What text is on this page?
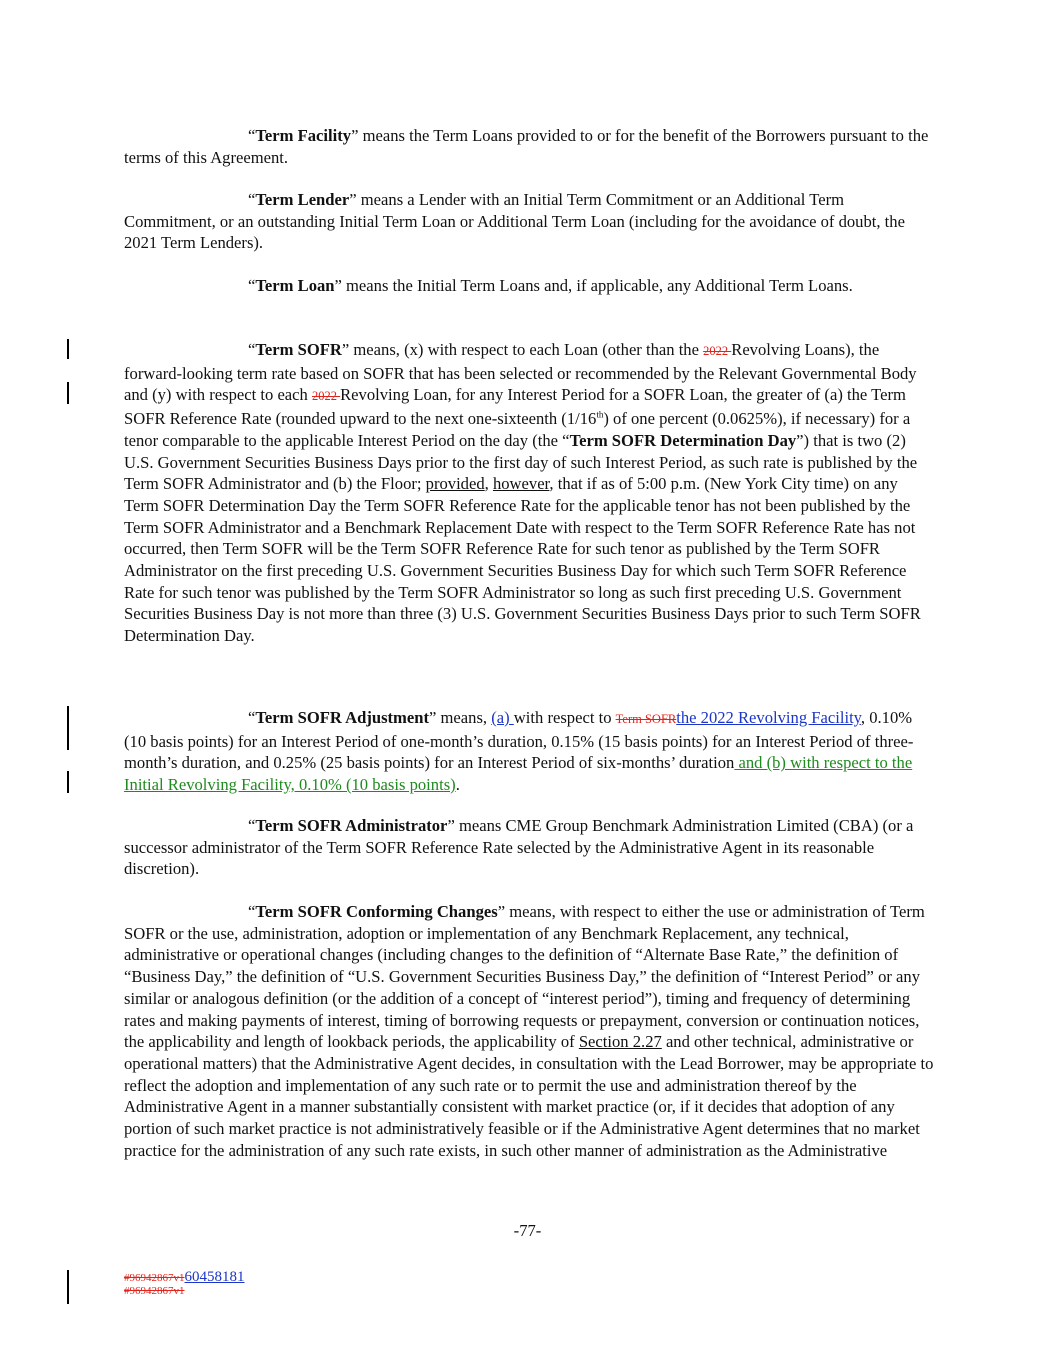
“Term Facility” means the Term Loans provided to or for the benefit of the Borrowers pursuant to the terms of this Agreement.

“Term Lender” means a Lender with an Initial Term Commitment or an Additional Term Commitment, or an outstanding Initial Term Loan or Additional Term Loan (including for the avoidance of doubt, the 2021 Term Lenders).

“Term Loan” means the Initial Term Loans and, if applicable, any Additional Term Loans.

“Term SOFR” means, (x) with respect to each Loan (other than the 2022 Revolving Loans), the forward-looking term rate based on SOFR that has been selected or recommended by the Relevant Governmental Body and (y) with respect to each 2022 Revolving Loan, for any Interest Period for a SOFR Loan, the greater of (a) the Term SOFR Reference Rate (rounded upward to the next one-sixteenth (1/16th) of one percent (0.0625%), if necessary) for a tenor comparable to the applicable Interest Period on the day (the “Term SOFR Determination Day”) that is two (2) U.S. Government Securities Business Days prior to the first day of such Interest Period, as such rate is published by the Term SOFR Administrator and (b) the Floor; provided, however, that if as of 5:00 p.m. (New York City time) on any Term SOFR Determination Day the Term SOFR Reference Rate for the applicable tenor has not been published by the Term SOFR Administrator and a Benchmark Replacement Date with respect to the Term SOFR Reference Rate has not occurred, then Term SOFR will be the Term SOFR Reference Rate for such tenor as published by the Term SOFR Administrator on the first preceding U.S. Government Securities Business Day for which such Term SOFR Reference Rate for such tenor was published by the Term SOFR Administrator so long as such first preceding U.S. Government Securities Business Day is not more than three (3) U.S. Government Securities Business Days prior to such Term SOFR Determination Day.

“Term SOFR Adjustment” means, (a) with respect to Term SOFRthe 2022 Revolving Facility, 0.10% (10 basis points) for an Interest Period of one-month’s duration, 0.15% (15 basis points) for an Interest Period of three-month’s duration, and 0.25% (25 basis points) for an Interest Period of six-months’ duration and (b) with respect to the Initial Revolving Facility, 0.10% (10 basis points).

“Term SOFR Administrator” means CME Group Benchmark Administration Limited (CBA) (or a successor administrator of the Term SOFR Reference Rate selected by the Administrative Agent in its reasonable discretion).

“Term SOFR Conforming Changes” means, with respect to either the use or administration of Term SOFR or the use, administration, adoption or implementation of any Benchmark Replacement, any technical, administrative or operational changes (including changes to the definition of “Alternate Base Rate,” the definition of “Business Day,” the definition of “U.S. Government Securities Business Day,” the definition of “Interest Period” or any similar or analogous definition (or the addition of a concept of “interest period”), timing and frequency of determining rates and making payments of interest, timing of borrowing requests or prepayment, conversion or continuation notices, the applicability and length of lookback periods, the applicability of Section 2.27 and other technical, administrative or operational matters) that the Administrative Agent decides, in consultation with the Lead Borrower, may be appropriate to reflect the adoption and implementation of any such rate or to permit the use and administration thereof by the Administrative Agent in a manner substantially consistent with market practice (or, if it decides that adoption of any portion of such market practice is not administratively feasible or if the Administrative Agent determines that no market practice for the administration of any such rate exists, in such other manner of administration as the Administrative

-77-
#96942867v160458181
#96942867v1
